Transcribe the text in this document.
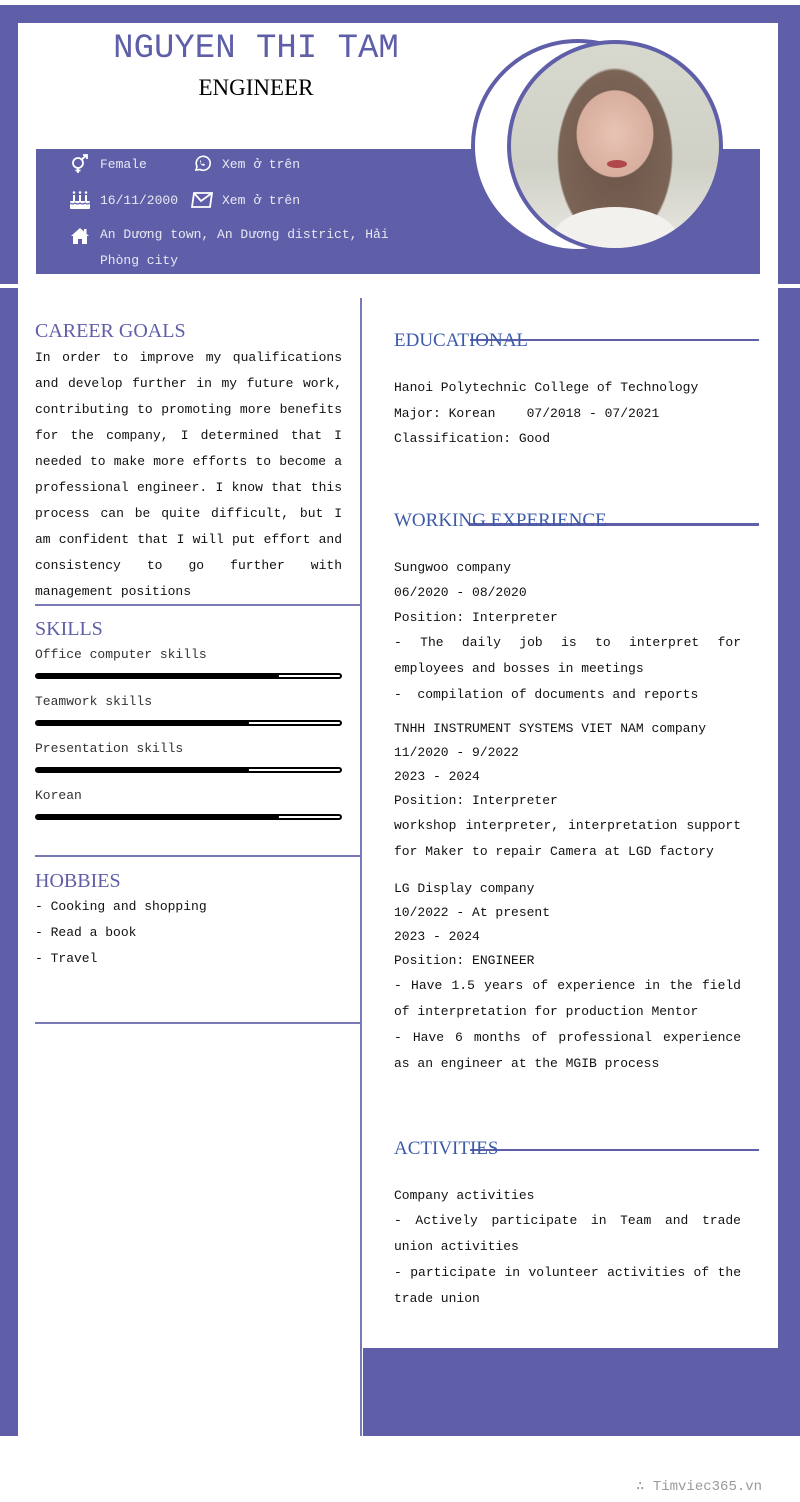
NGUYEN THI TAM
ENGINEER
Female	Xem ở trên
16/11/2000	Xem ở trên
An Dương town, An Dương district, Hải
Phòng city
CAREER GOALS
In order to improve my qualifications and develop further in my future work, contributing to promoting more benefits for the company, I determined that I needed to make more efforts to become a professional engineer. I know that this process can be quite difficult, but I am confident that I will put effort and consistency to go further with management positions
SKILLS
Office computer skills
Teamwork skills
Presentation skills
Korean
HOBBIES
- Cooking and shopping
- Read a book
- Travel
EDUCATIONAL
Hanoi Polytechnic College of Technology
Major: Korean    07/2018 - 07/2021
Classification: Good
WORKING EXPERIENCE
Sungwoo company
06/2020 - 08/2020
Position: Interpreter
- The daily job is to interpret for employees and bosses in meetings
-  compilation of documents and reports
TNHH INSTRUMENT SYSTEMS VIET NAM company
11/2020 - 9/2022
2023 - 2024
Position: Interpreter
workshop interpreter, interpretation support for Maker to repair Camera at LGD factory
LG Display company
10/2022 - At present
2023 - 2024
Position: ENGINEER
- Have 1.5 years of experience in the field of interpretation for production Mentor
- Have 6 months of professional experience as an engineer at the MGIB process
ACTIVITIES
Company activities
- Actively participate in Team and trade union activities
- participate in volunteer activities of the trade union
∴ Timviec365.vn
